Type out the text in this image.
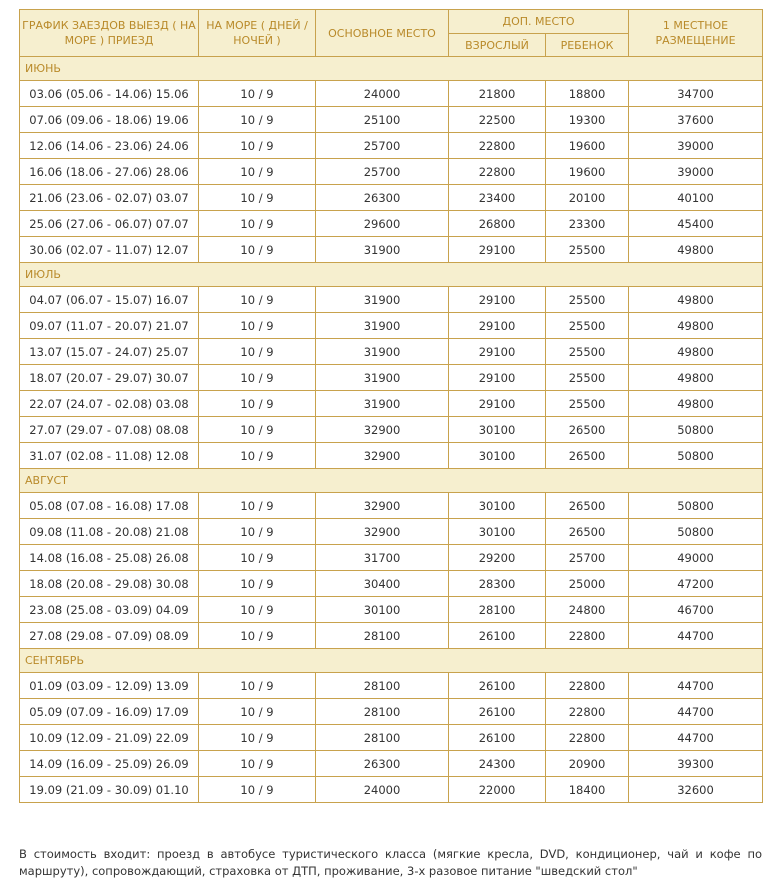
ГРАФИК ЗАЕЗДОВ ВЫЕЗД ( НА МОРЕ ) ПРИЕЗД	НА МОРЕ ( ДНЕЙ / НОЧЕЙ )	ОСНОВНОЕ МЕСТО	ДОП. МЕСТО		1 МЕСТНОЕ РАЗМЕЩЕНИЕ
			ВЗРОСЛЫЙ	РЕБЕНОК	
ИЮНЬ					
03.06 (05.06 - 14.06) 15.06	10 / 9	24000	21800	18800	34700
07.06 (09.06 - 18.06) 19.06	10 / 9	25100	22500	19300	37600
12.06 (14.06 - 23.06) 24.06	10 / 9	25700	22800	19600	39000
16.06 (18.06 - 27.06) 28.06	10 / 9	25700	22800	19600	39000
21.06 (23.06 - 02.07) 03.07	10 / 9	26300	23400	20100	40100
25.06 (27.06 - 06.07) 07.07	10 / 9	29600	26800	23300	45400
30.06 (02.07 - 11.07) 12.07	10 / 9	31900	29100	25500	49800
ИЮЛЬ					
04.07 (06.07 - 15.07) 16.07	10 / 9	31900	29100	25500	49800
09.07 (11.07 - 20.07) 21.07	10 / 9	31900	29100	25500	49800
13.07 (15.07 - 24.07) 25.07	10 / 9	31900	29100	25500	49800
18.07 (20.07 - 29.07) 30.07	10 / 9	31900	29100	25500	49800
22.07 (24.07 - 02.08) 03.08	10 / 9	31900	29100	25500	49800
27.07 (29.07 - 07.08) 08.08	10 / 9	32900	30100	26500	50800
31.07 (02.08 - 11.08) 12.08	10 / 9	32900	30100	26500	50800
АВГУСТ					
05.08 (07.08 - 16.08) 17.08	10 / 9	32900	30100	26500	50800
09.08 (11.08 - 20.08) 21.08	10 / 9	32900	30100	26500	50800
14.08 (16.08 - 25.08) 26.08	10 / 9	31700	29200	25700	49000
18.08 (20.08 - 29.08) 30.08	10 / 9	30400	28300	25000	47200
23.08 (25.08 - 03.09) 04.09	10 / 9	30100	28100	24800	46700
27.08 (29.08 - 07.09) 08.09	10 / 9	28100	26100	22800	44700
СЕНТЯБРЬ					
01.09 (03.09 - 12.09) 13.09	10 / 9	28100	26100	22800	44700
05.09 (07.09 - 16.09) 17.09	10 / 9	28100	26100	22800	44700
10.09 (12.09 - 21.09) 22.09	10 / 9	28100	26100	22800	44700
14.09 (16.09 - 25.09) 26.09	10 / 9	26300	24300	20900	39300
19.09 (21.09 - 30.09) 01.10	10 / 9	24000	22000	18400	32600
В стоимость входит: проезд в автобусе туристического класса (мягкие кресла, DVD, кондиционер, чай и кофе по маршруту), сопровождающий, страховка от ДТП, проживание, 3-х разовое питание "шведский стол"
